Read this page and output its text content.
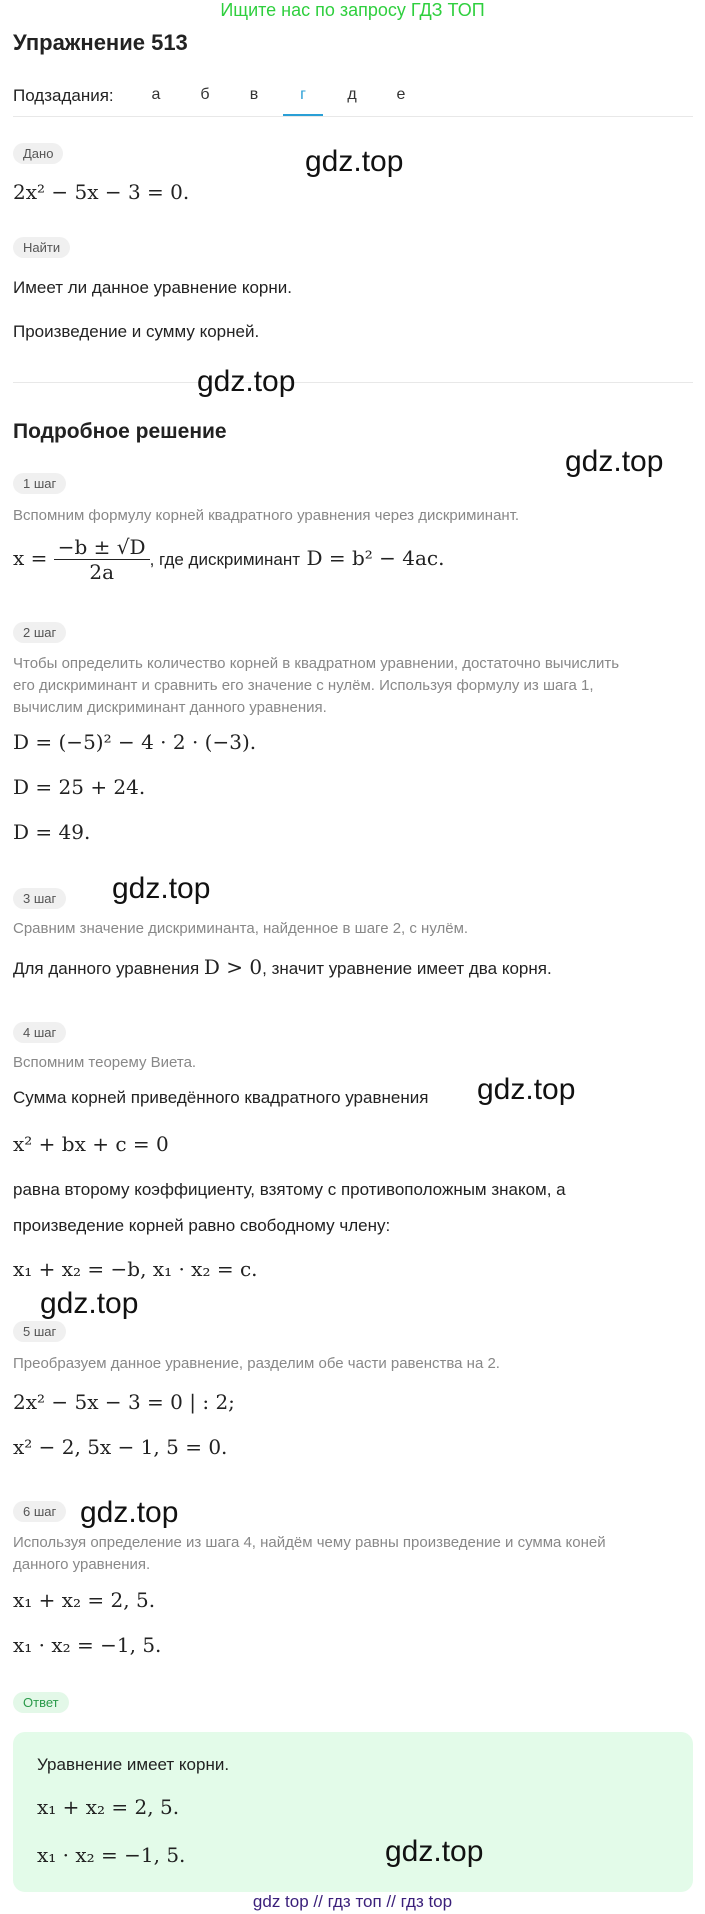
Ищите нас по запросу ГДЗ ТОП
Упражнение 513
Подзадания:	а	б	в	г	д	е
Дано
2x² − 5x − 3 = 0.
Найти
Имеет ли данное уравнение корни.
Произведение и сумму корней.
Подробное решение
1 шаг
Вспомним формулу корней квадратного уравнения через дискриминант.
$x = \frac{-b \pm √D}{2a}$ , где дискриминант D = b² − 4ac.
2 шаг
Чтобы определить количество корней в квадратном уравнении, достаточно вычислить
его дискриминант и сравнить его значение с нулём. Используя формулу из шага 1,
вычислим дискриминант данного уравнения.
D = (−5)² − 4 · 2 · (−3).
D = 25 + 24.
D = 49.
3 шаг
Сравним значение дискриминанта, найденное в шаге 2, с нулём.
Для данного уравнения D > 0, значит уравнение имеет два корня.
4 шаг
Вспомним теорему Виета.
Сумма корней приведённого квадратного уравнения
x² + bx + c = 0
равна второму коэффициенту, взятому с противоположным знаком, а
произведение корней равно свободному члену:
x₁ + x₂ = −b, x₁ · x₂ = c.
5 шаг
Преобразуем данное уравнение, разделим обе части равенства на 2.
2x² − 5x − 3 = 0 | : 2;
x² − 2, 5x − 1, 5 = 0.
6 шаг
Используя определение из шага 4, найдём чему равны произведение и сумма коней
данного уравнения.
x₁ + x₂ = 2, 5.
x₁ · x₂ = −1, 5.
Ответ
Уравнение имеет корни.
x₁ + x₂ = 2, 5.
x₁ · x₂ = −1, 5.
gdz.top
gdz.top
gdz.top
gdz.top
gdz.top
gdz.top
gdz.top
gdz.top
gdz top // гдз топ // гдз top
